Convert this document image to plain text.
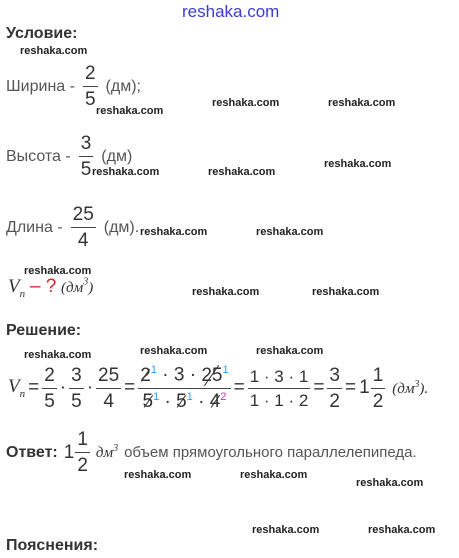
reshaka.com
Условие:
reshaka.com
Ширина - $\frac{2}{5} (дм)$;
reshaka.com
reshaka.com	reshaka.com
Высота - $\frac{3}{5} (дм)$
reshaka.com	reshaka.com
reshaka.com
Длина - $\frac{25}{4} (дм)$. reshaka.com	reshaka.com
reshaka.com
$V_п$ – ? $(дм^3)$	reshaka.com	reshaka.com
Решение:
reshaka.com	reshaka.com	reshaka.com
$V_п = \frac{2}{5} \cdot \frac{3}{5} \cdot \frac{25}{4} = \frac{2^1 \cdot 3 \cdot 25^1}{5^1 \cdot 5^1 \cdot 4^2} = \frac{1 \cdot 3 \cdot 1}{1 \cdot 1 \cdot 2} = \frac{3}{2} = 1 \frac{1}{2} (дм^3)$.
Ответ: $1 \frac{1}{2} дм^3$ объем прямоугольного параллелепипеда.
reshaka.com	reshaka.com
reshaka.com
reshaka.com	reshaka.com
Пояснения:
